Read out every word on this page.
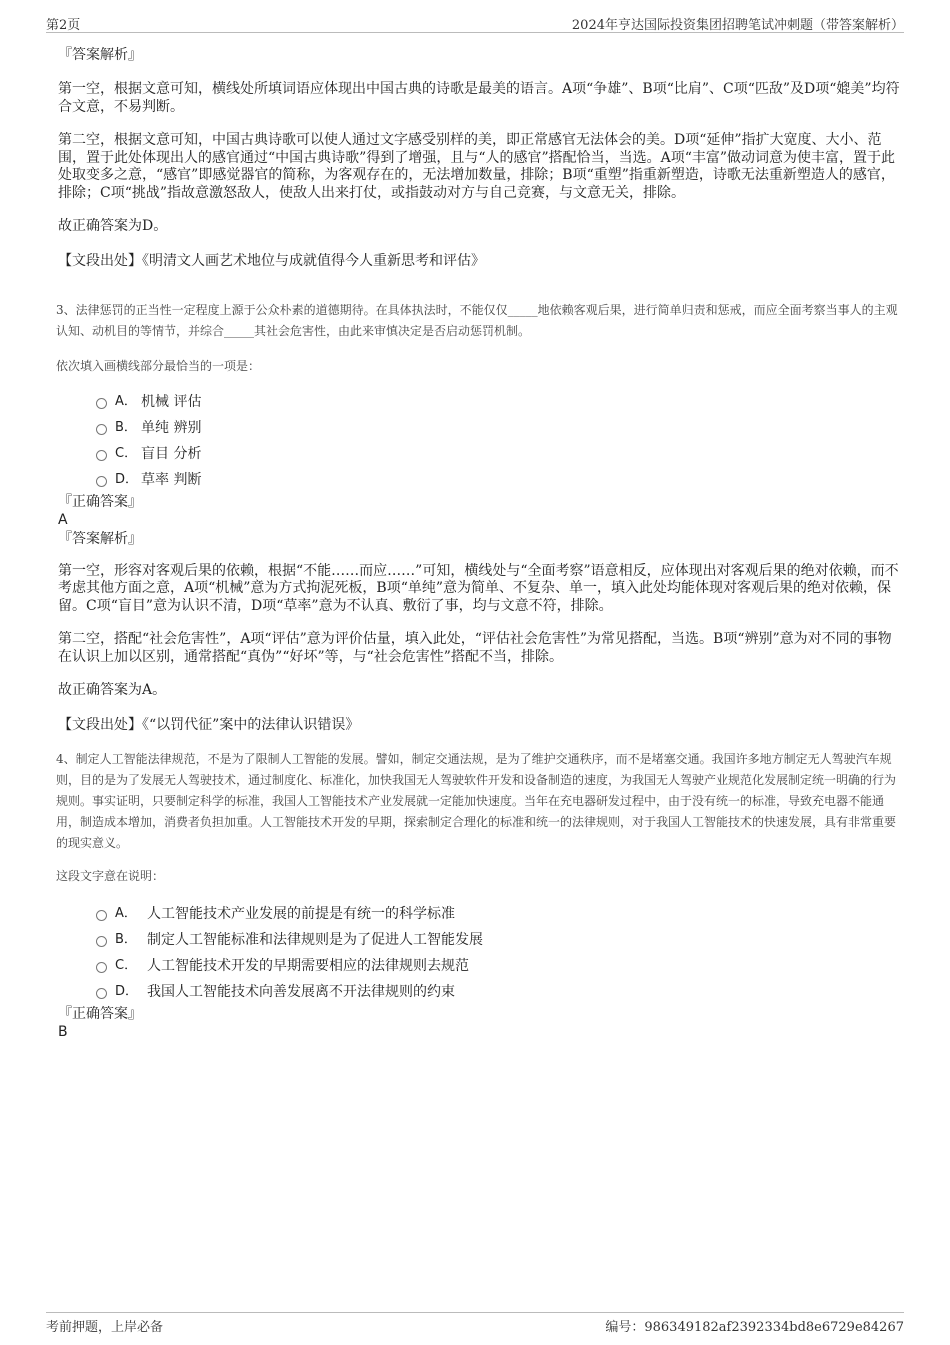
第2页	2024年亨达国际投资集团招聘笔试冲刺题（带答案解析）
『答案解析』

第一空，根据文意可知，横线处所填词语应体现出中国古典的诗歌是最美的语言。A项“争雄”、B项“比肩”、C项“匹敌”及D项“媲美”均符合文意，不易判断。

第二空，根据文意可知，中国古典诗歌可以使人通过文字感受别样的美，即正常感官无法体会的美。D项“延伸”指扩大宽度、大小、范围，置于此处体现出人的感官通过“中国古典诗歌”得到了增强，且与“人的感官”搭配恰当，当选。A项“丰富”做动词意为使丰富，置于此处取变多之意，“感官”即感觉器官的简称，为客观存在的，无法增加数量，排除；B项“重塑”指重新塑造，诗歌无法重新塑造人的感官，排除；C项“挑战”指故意激怒敌人，使敌人出来打仗，或指鼓动对方与自己竞赛，与文意无关，排除。

故正确答案为D。

【文段出处】《明清文人画艺术地位与成就值得今人重新思考和评估》

3、法律惩罚的正当性一定程度上源于公众朴素的道德期待。在具体执法时，不能仅仅_____地依赖客观后果，进行简单归责和惩戒，而应全面考察当事人的主观认知、动机目的等情节，并综合_____其社会危害性，由此来审慎决定是否启动惩罚机制。

依次填入画横线部分最恰当的一项是：

A． 机械 评估
B． 单纯 辨别
C． 盲目 分析
D． 草率 判断
『正确答案』
A
『答案解析』

第一空，形容对客观后果的依赖，根据“不能……而应……”可知，横线处与“全面考察”语意相反，应体现出对客观后果的绝对依赖，而不考虑其他方面之意，A项“机械”意为方式拘泥死板，B项“单纯”意为简单、不复杂、单一，填入此处均能体现对客观后果的绝对依赖，保留。C项“盲目”意为认识不清，D项“草率”意为不认真、敷衍了事，均与文意不符，排除。

第二空，搭配“社会危害性”，A项“评估”意为评价估量，填入此处，“评估社会危害性”为常见搭配，当选。B项“辨别”意为对不同的事物在认识上加以区别，通常搭配“真伪”“好坏”等，与“社会危害性”搭配不当，排除。

故正确答案为A。

【文段出处】《“以罚代征”案中的法律认识错误》

4、制定人工智能法律规范，不是为了限制人工智能的发展。譬如，制定交通法规，是为了维护交通秩序，而不是堵塞交通。我国许多地方制定无人驾驶汽车规则，目的是为了发展无人驾驶技术，通过制度化、标准化，加快我国无人驾驶软件开发和设备制造的速度，为我国无人驾驶产业规范化发展制定统一明确的行为规则。事实证明，只要制定科学的标准，我国人工智能技术产业发展就一定能加快速度。当年在充电器研发过程中，由于没有统一的标准，导致充电器不能通用，制造成本增加，消费者负担加重。人工智能技术开发的早期，探索制定合理化的标准和统一的法律规则，对于我国人工智能技术的快速发展，具有非常重要的现实意义。

这段文字意在说明：

A． 人工智能技术产业发展的前提是有统一的科学标准
B． 制定人工智能标准和法律规则是为了促进人工智能发展
C． 人工智能技术开发的早期需要相应的法律规则去规范
D． 我国人工智能技术向善发展离不开法律规则的约束
『正确答案』
B
考前押题，上岸必备	编号：986349182af2392334bd8e6729e84267
